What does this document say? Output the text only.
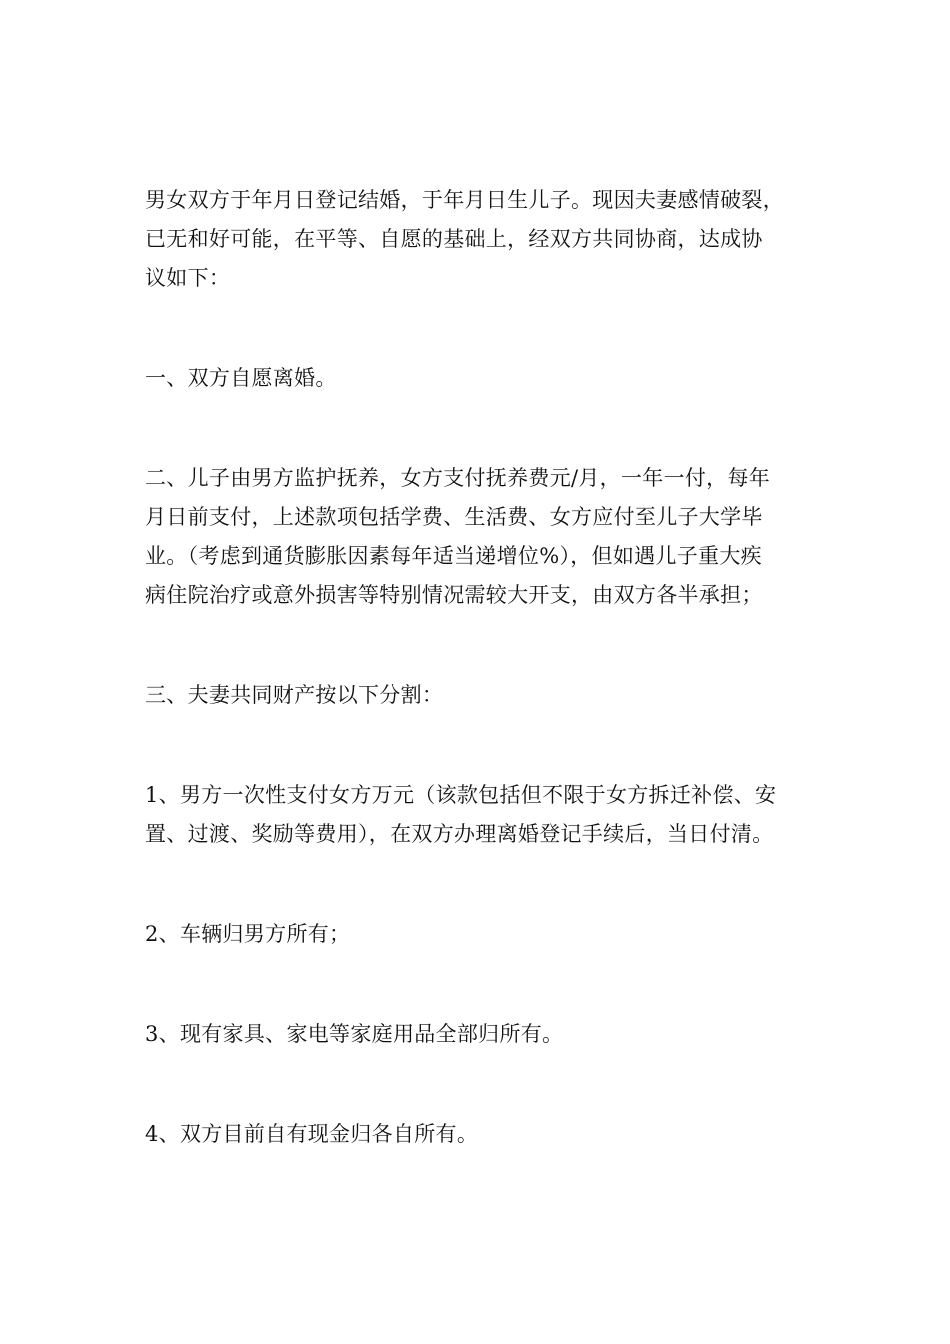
男女双方于年月日登记结婚，于年月日生儿子。现因夫妻感情破裂，
已无和好可能，在平等、自愿的基础上，经双方共同协商，达成协
议如下：

一、双方自愿离婚。

二、儿子由男方监护抚养，女方支付抚养费元/月，一年一付，每年
月日前支付，上述款项包括学费、生活费、女方应付至儿子大学毕
业。（考虑到通货膨胀因素每年适当递增位%），但如遇儿子重大疾
病住院治疗或意外损害等特别情况需较大开支，由双方各半承担；

三、夫妻共同财产按以下分割：

1、男方一次性支付女方万元（该款包括但不限于女方拆迁补偿、安
置、过渡、奖励等费用），在双方办理离婚登记手续后，当日付清。

2、车辆归男方所有；

3、现有家具、家电等家庭用品全部归所有。

4、双方目前自有现金归各自所有。
